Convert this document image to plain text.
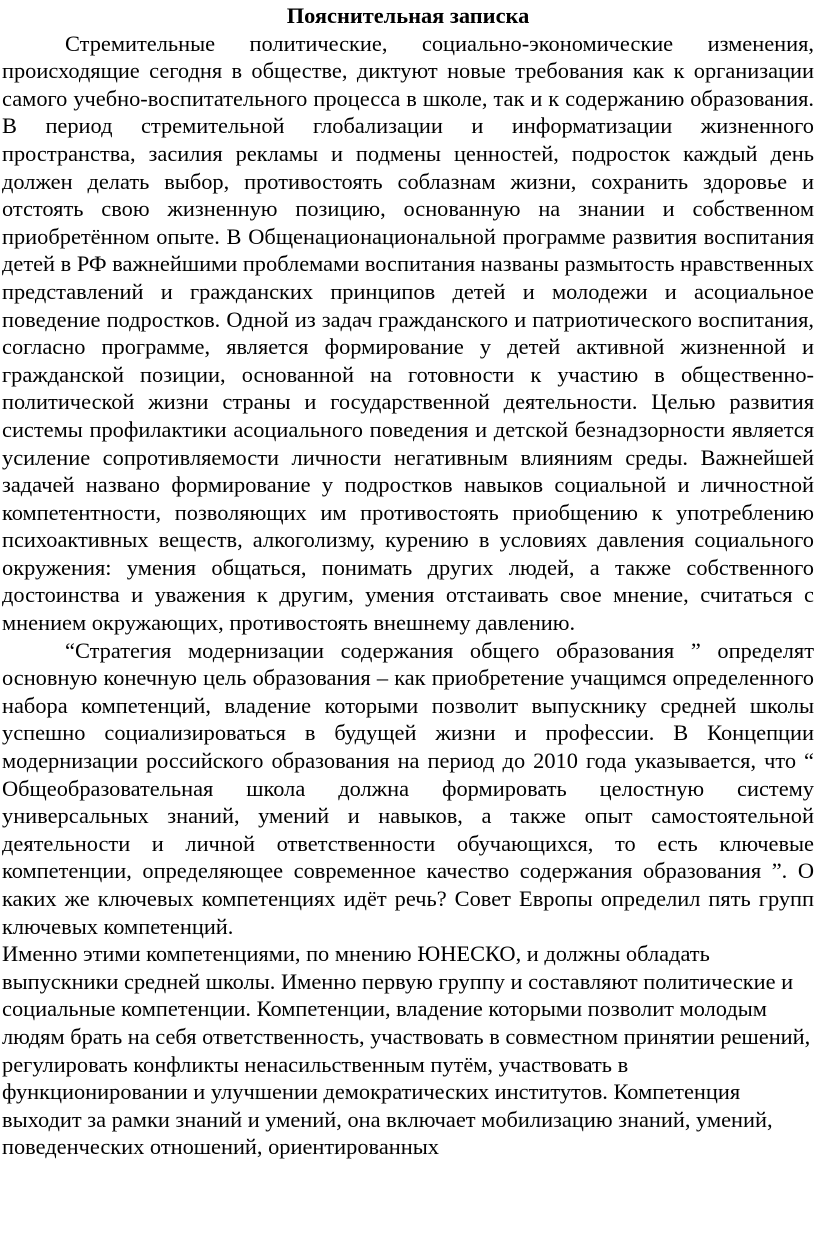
Пояснительная записка

Стремительные политические, социально-экономические изменения, происходящие сегодня в обществе, диктуют новые требования как к организации самого учебно-воспитательного процесса в школе, так и к содержанию образования. В период стремительной глобализации и информатизации жизненного пространства, засилия рекламы и подмены ценностей, подросток каждый день должен делать выбор, противостоять соблазнам жизни, сохранить здоровье и отстоять свою жизненную позицию, основанную на знании и собственном приобретённом опыте. В Общенационациональной программе развития воспитания детей в РФ важнейшими проблемами воспитания названы размытость нравственных представлений и гражданских принципов детей и молодежи и асоциальное поведение подростков. Одной из задач гражданского и патриотического воспитания, согласно программе, является формирование у детей активной жизненной и гражданской позиции, основанной на готовности к участию в общественно-политической жизни страны и государственной деятельности. Целью развития системы профилактики асоциального поведения и детской безнадзорности является усиление сопротивляемости личности негативным влияниям среды. Важнейшей задачей названо формирование у подростков навыков социальной и личностной компетентности, позволяющих им противостоять приобщению к употреблению психоактивных веществ, алкоголизму, курению в условиях давления социального окружения: умения общаться, понимать других людей, а также собственного достоинства и уважения к другим, умения отстаивать свое мнение, считаться с мнением окружающих, противостоять внешнему давлению.

“Стратегия модернизации содержания общего образования ” определят основную конечную цель образования – как приобретение учащимся определенного набора компетенций, владение которыми позволит выпускнику средней школы успешно социализироваться в будущей жизни и профессии. В Концепции модернизации российского образования на период до 2010 года указывается, что “ Общеобразовательная школа должна формировать целостную систему универсальных знаний, умений и навыков, а также опыт самостоятельной деятельности и личной ответственности обучающихся, то есть ключевые компетенции, определяющее современное качество содержания образования ”. О каких же ключевых компетенциях идёт речь? Совет Европы определил пять групп ключевых компетенций.

Именно этими компетенциями, по мнению ЮНЕСКО, и должны обладать выпускники средней школы. Именно первую группу и составляют политические и социальные компетенции. Компетенции, владение которыми позволит молодым людям брать на себя ответственность, участвовать в совместном принятии решений, регулировать конфликты ненасильственным путём, участвовать в функционировании и улучшении демократических институтов. Компетенция выходит за рамки знаний и умений, она включает мобилизацию знаний, умений, поведенческих отношений, ориентированных
